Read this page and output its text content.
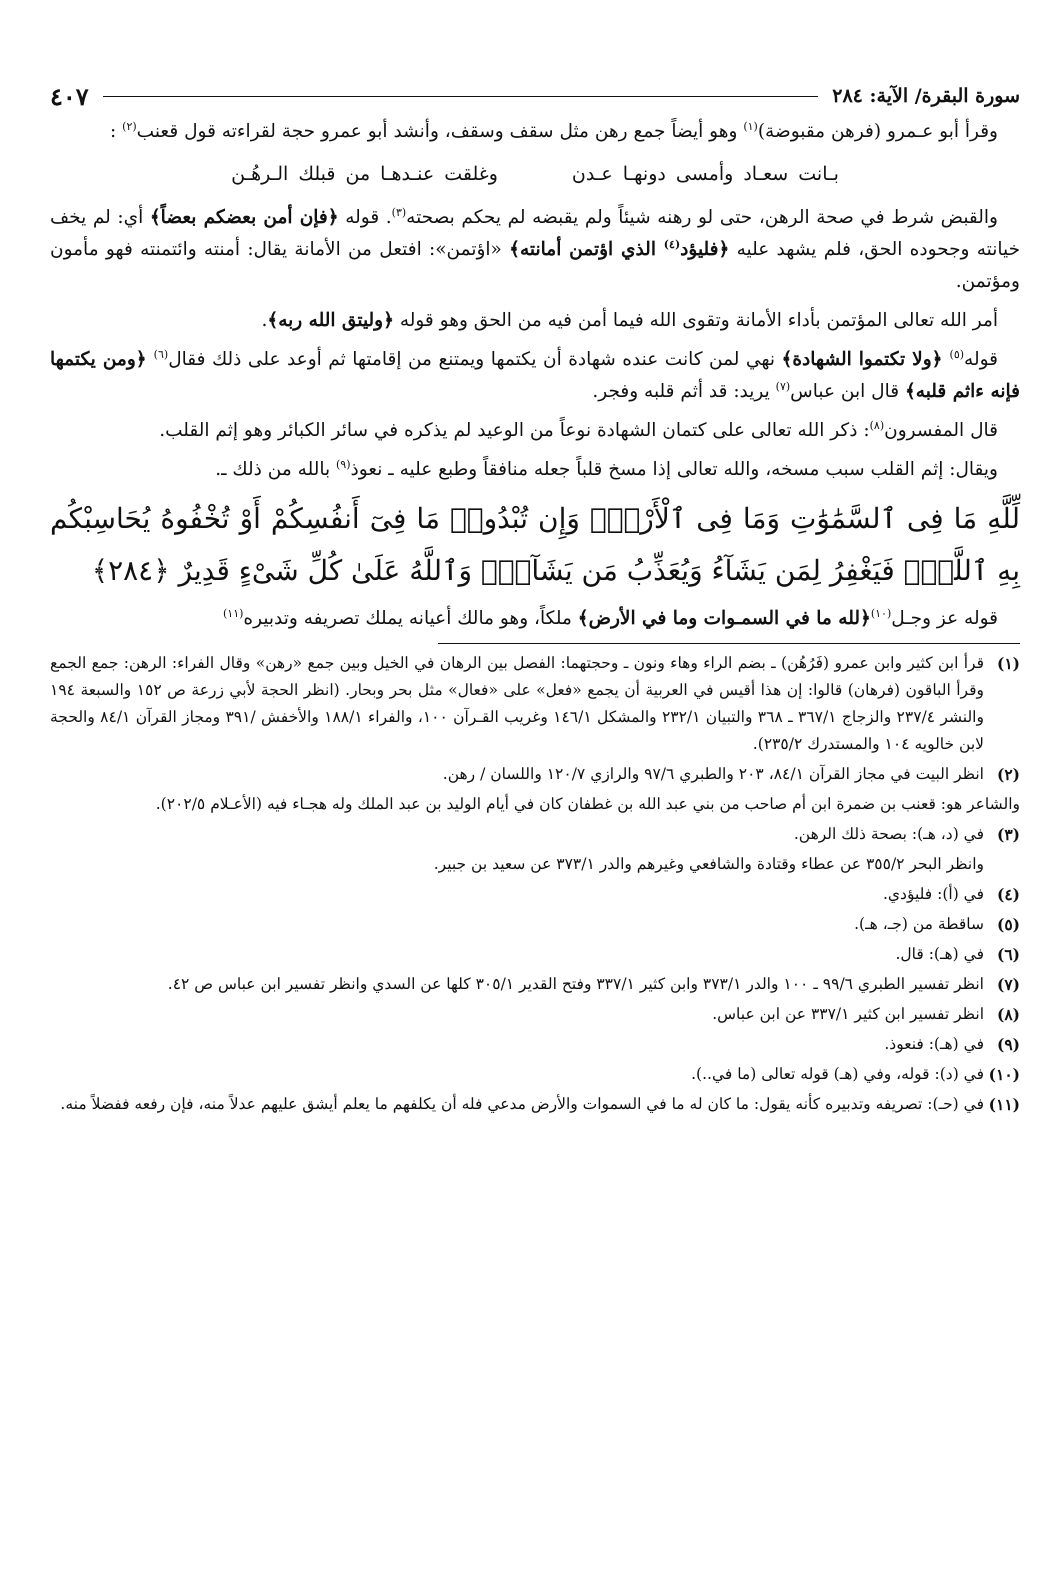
سورة البقرة/ الآية: ٢٨٤
٤٠٧

وقرأ أبو عـمرو (فرهن مقبوضة)$^{(١)}$ وهو أيضاً جمع رهن مثل سقف وسقف، وأنشد أبو عمرو حجة لقراءته قول قعنب$^{(٢)}$ :

بـانت سعـاد وأمسى دونهـا عـدن وغلقت عنـدهـا من قبلك الـرهُـن

والقبض شرط في صحة الرهن، حتى لو رهنه شيئاً ولم يقبضه لم يحكم بصحته$^{(٣)}$. قوله ﴿فإن أمن بعضكم بعضاً﴾ أي: لم يخف خيانته وجحوده الحق، فلم يشهد عليه ﴿فليؤد$^{(٤)}$ الذي اؤتمن أمانته﴾ «اؤتمن»: افتعل من الأمانة يقال: أمنته وائتمنته فهو مأمون ومؤتمن.

أمر الله تعالى المؤتمن بأداء الأمانة وتقوى الله فيما أمن فيه من الحق وهو قوله ﴿وليتق الله ربه﴾.

قوله$^{(٥)}$ ﴿ولا تكتموا الشهادة﴾ نهي لمن كانت عنده شهادة أن يكتمها ويمتنع من إقامتها ثم أوعد على ذلك فقال$^{(٦)}$ ﴿ومن يكتمها فإنه ءاثم قلبه﴾ قال ابن عباس$^{(٧)}$ يريد: قد أثم قلبه وفجر.

قال المفسرون$^{(٨)}$: ذكر الله تعالى على كتمان الشهادة نوعاً من الوعيد لم يذكره في سائر الكبائر وهو إثم القلب.

ويقال: إثم القلب سبب مسخه، والله تعالى إذا مسخ قلباً جعله منافقاً وطبع عليه ـ نعوذ$^{(٩)}$ بالله من ذلك ـ.

لِّلَّهِ مَا فِى ٱلسَّمَٰوَٰتِ وَمَا فِى ٱلْأَرْضِۗ وَإِن تُبْدُوا۟ مَا فِىٓ أَنفُسِكُمْ أَوْ تُخْفُوهُ يُحَاسِبْكُم بِهِ ٱللَّهُۖ فَيَغْفِرُ لِمَن يَشَآءُ وَيُعَذِّبُ مَن يَشَآءُۗ وَٱللَّهُ عَلَىٰ كُلِّ شَىْءٍ قَدِيرٌ ﴿٢٨٤﴾

قوله عز وجـل$^{(١٠)}$﴿لله ما في السمـوات وما في الأرض﴾ ملكاً، وهو مالك أعيانه يملك تصريفه وتدبيره$^{(١١)}$

(١)
قرأ ابن كثير وابن عمرو (فَرُهُن) ـ بضم الراء وهاء ونون ـ وحجتهما: الفصل بين الرهان في الخيل وبين جمع «رهن» وقال الفراء: الرهن: جمع الجمع وقرأ الباقون (فرهان) قالوا: إن هذا أقيس في العربية أن يجمع «فعل» على «فعال» مثل بحر وبحار. (انظر الحجة لأبي زرعة ص ١٥٢ والسبعة ١٩٤ والنشر ٢٣٧/٤ والزجاج ٣٦٧/١ ـ ٣٦٨ والتبيان ٢٣٢/١ والمشكل ١٤٦/١ وغريب القـرآن ١٠٠، والفراء ١٨٨/١ والأخفش /٣٩١ ومجاز القرآن ٨٤/١ والحجة لابن خالويه ١٠٤ والمستدرك ٢٣٥/٢).
(٢)
انظر البيت في مجاز القرآن ٨٤/١، ٢٠٣ والطبري ٩٧/٦ والرازي ١٢٠/٧ واللسان / رهن.
والشاعر هو: قعنب بن ضمرة ابن أم صاحب من بني عبد الله بن غطفان كان في أيام الوليد بن عبد الملك وله هجـاء فيه (الأعـلام ٢٠٢/٥).
(٣)
في (د، هـ): بصحة ذلك الرهن.
وانظر البحر ٣٥٥/٢ عن عطاء وقتادة والشافعي وغيرهم والدر ٣٧٣/١ عن سعيد بن جبير.
(٤)
في (أ): فليؤدي.
(٥)
ساقطة من (جـ، هـ).
(٦)
في (هـ): قال.
(٧)
انظر تفسير الطبري ٩٩/٦ ـ ١٠٠ والدر ٣٧٣/١ وابن كثير ٣٣٧/١ وفتح القدير ٣٠٥/١ كلها عن السدي وانظر تفسير ابن عباس ص ٤٢.
(٨)
انظر تفسير ابن كثير ٣٣٧/١ عن ابن عباس.
(٩)
في (هـ): فنعوذ.
(١٠)
في (د): قوله، وفي (هـ) قوله تعالى (ما في..).
(١١)
في (حـ): تصريفه وتدبيره كأنه يقول: ما كان له ما في السموات والأرض مدعي فله أن يكلفهم ما يعلم أيشق عليهم عدلاً منه، فإن رفعه ففضلاً منه.
